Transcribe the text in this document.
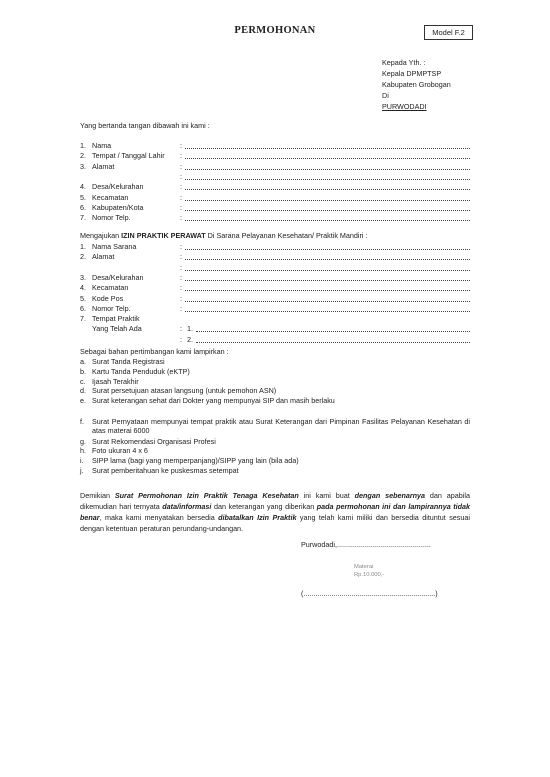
PERMOHONAN	Model F.2
Kepada Yth. :
Kepala DPMPTSP
Kabupaten Grobogan
Di
PURWODADI
Yang bertanda tangan dibawah ini kami :
1. Nama	:
2. Tempat / Tanggal Lahir :
3. Alamat	:
:
4. Desa/Kelurahan	:
5. Kecamatan	:
6. Kabupaten/Kota	:
7. Nomor Telp.	:
Mengajukan IZIN PRAKTIK PERAWAT Di Sarana Pelayanan Kesehatan/ Praktik Mandiri :
1. Nama Sarana	:
2. Alamat	:
:
3. Desa/Kelurahan	:
4. Kecamatan	:
5. Kode Pos	:
6. Nomor Telp.	:
7. Tempat Praktik
Yang Telah Ada	: 1.
: 2.
Sebagai bahan pertimbangan kami lampirkan :
a. Surat Tanda Registrasi
b. Kartu Tanda Penduduk (eKTP)
c. Ijasah Terakhir
d. Surat persetujuan atasan langsung (untuk pemohon ASN)
e. Surat keterangan sehat dari Dokter yang mempunyai SIP dan masih berlaku
f. Surat Pernyataan mempunyai tempat praktik atau Surat Keterangan dari Pimpinan Fasilitas Pelayanan Kesehatan di atas materai 6000
g. Surat Rekomendasi Organisasi Profesi
h. Foto ukuran 4 x 6
i. SIPP lama (bagi yang memperpanjang)/SIPP yang lain (bila ada)
j. Surat pemberitahuan ke puskesmas setempat
Demikian Surat Permohonan Izin Praktik Tenaga Kesehatan ini kami buat dengan sebenarnya dan apabila dikemudian hari ternyata data/informasi dan keterangan yang diberikan pada permohonan ini dan lampirannya tidak benar, maka kami menyatakan bersedia dibatalkan Izin Praktik yang telah kami miliki dan bersedia dituntut sesuai dengan ketentuan peraturan perundang-undangan.
Purwodadi,...............................................
Materai
Rp.10.000,-
(..................................................................)
